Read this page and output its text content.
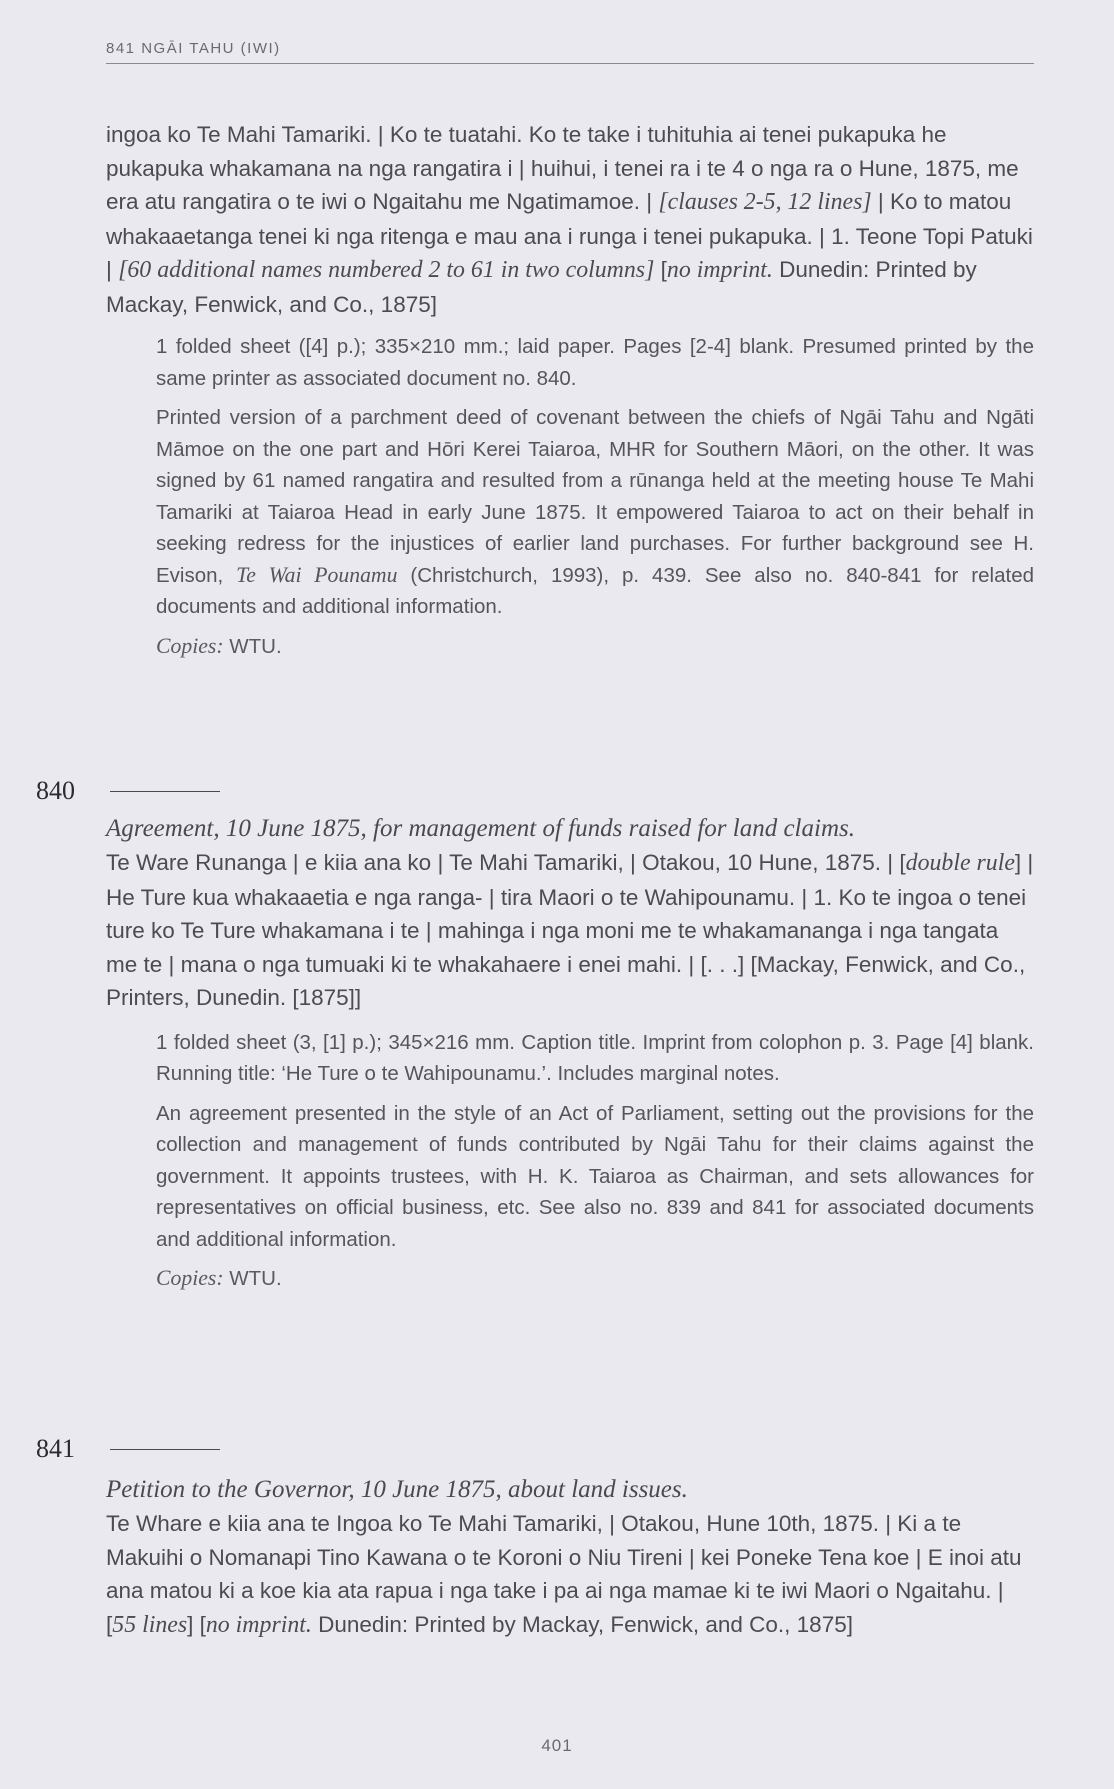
841 NGĀI TAHU (IWI)

ingoa ko Te Mahi Tamariki. | Ko te tuatahi. Ko te take i tuhituhia ai tenei pukapuka he pukapuka whakamana na nga rangatira i | huihui, i tenei ra i te 4 o nga ra o Hune, 1875, me era atu rangatira o te iwi o Ngaitahu me Ngatimamoe. | [clauses 2-5, 12 lines] | Ko to matou whakaaetanga tenei ki nga ritenga e mau ana i runga i tenei pukapuka. | 1. Teone Topi Patuki | [60 additional names numbered 2 to 61 in two columns] [no imprint. Dunedin: Printed by Mackay, Fenwick, and Co., 1875]

1 folded sheet ([4] p.); 335×210 mm.; laid paper. Pages [2-4] blank. Presumed printed by the same printer as associated document no. 840.

Printed version of a parchment deed of covenant between the chiefs of Ngāi Tahu and Ngāti Māmoe on the one part and Hōri Kerei Taiaroa, MHR for Southern Māori, on the other. It was signed by 61 named rangatira and resulted from a rūnanga held at the meeting house Te Mahi Tamariki at Taiaroa Head in early June 1875. It empowered Taiaroa to act on their behalf in seeking redress for the injustices of earlier land purchases. For further background see H. Evison, Te Wai Pounamu (Christchurch, 1993), p. 439. See also no. 840-841 for related documents and additional information.

Copies: WTU.

840

Agreement, 10 June 1875, for management of funds raised for land claims.

Te Ware Runanga | e kiia ana ko | Te Mahi Tamariki, | Otakou, 10 Hune, 1875. | [double rule] | He Ture kua whakaaetia e nga ranga- | tira Maori o te Wahipounamu. | 1. Ko te ingoa o tenei ture ko Te Ture whakamana i te | mahinga i nga moni me te whakamananga i nga tangata me te | mana o nga tumuaki ki te whakahaere i enei mahi. | [. . .] [Mackay, Fenwick, and Co., Printers, Dunedin. [1875]]

1 folded sheet (3, [1] p.); 345×216 mm. Caption title. Imprint from colophon p. 3. Page [4] blank. Running title: ‘He Ture o te Wahipounamu.’. Includes marginal notes.

An agreement presented in the style of an Act of Parliament, setting out the provisions for the collection and management of funds contributed by Ngāi Tahu for their claims against the government. It appoints trustees, with H. K. Taiaroa as Chairman, and sets allowances for representatives on official business, etc. See also no. 839 and 841 for associated documents and additional information.

Copies: WTU.

841

Petition to the Governor, 10 June 1875, about land issues.

Te Whare e kiia ana te Ingoa ko Te Mahi Tamariki, | Otakou, Hune 10th, 1875. | Ki a te Makuihi o Nomanapi Tino Kawana o te Koroni o Niu Tireni | kei Poneke Tena koe | E inoi atu ana matou ki a koe kia ata rapua i nga take i pa ai nga mamae ki te iwi Maori o Ngaitahu. | [55 lines] [no imprint. Dunedin: Printed by Mackay, Fenwick, and Co., 1875]

401
